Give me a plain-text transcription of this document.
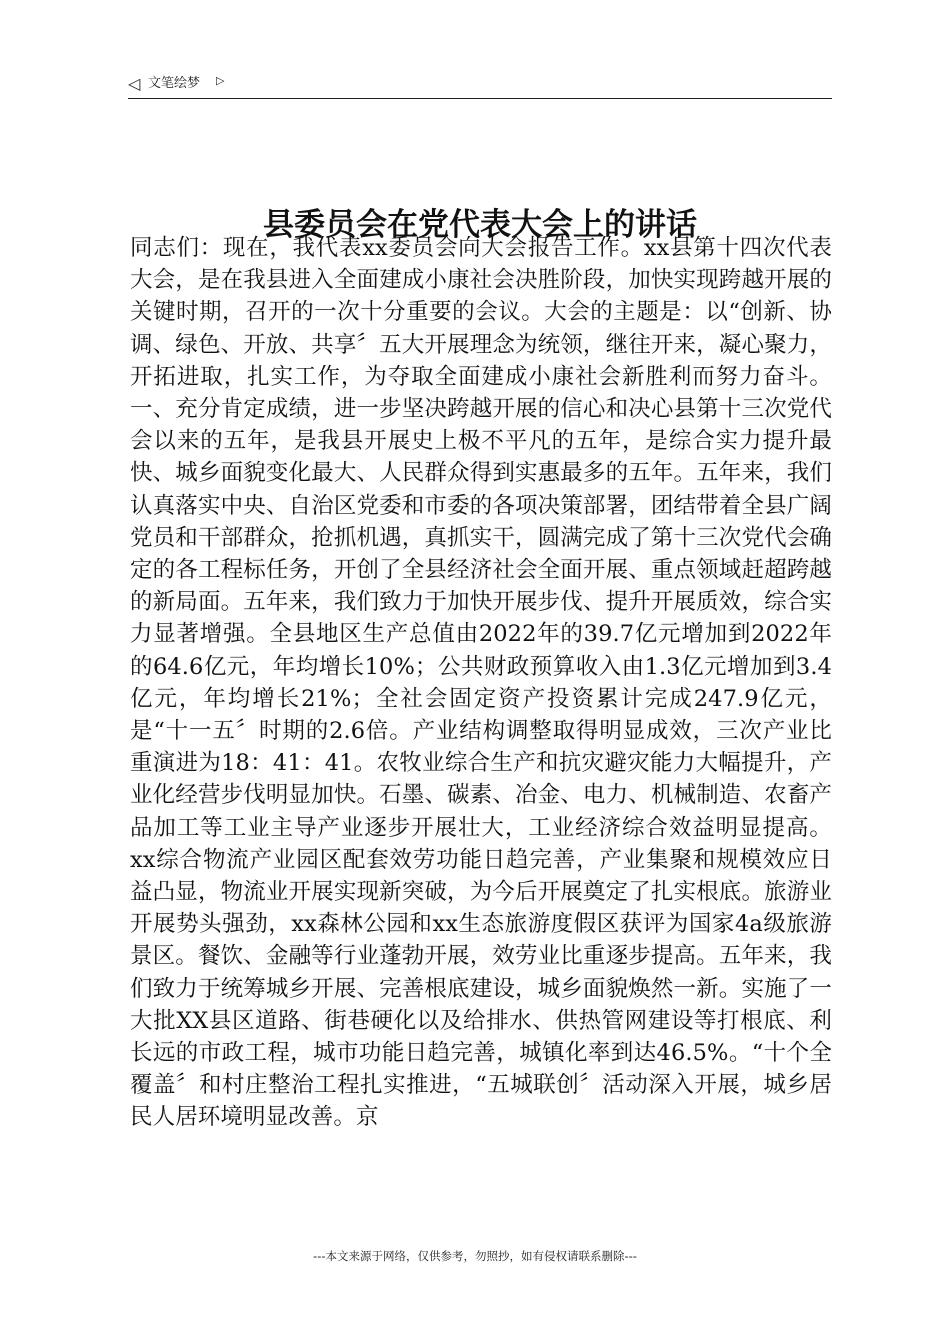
◁ 文笔绘梦 ▷
县委员会在党代表大会上的讲话

同志们：现在，我代表xx委员会向大会报告工作。xx县第十四次代表大会，是在我县进入全面建成小康社会决胜阶段，加快实现跨越开展的关键时期，召开的一次十分重要的会议。大会的主题是：以“创新、协调、绿色、开放、共享〞五大开展理念为统领，继往开来，凝心聚力，开拓进取，扎实工作，为夺取全面建成小康社会新胜利而努力奋斗。一、充分肯定成绩，进一步坚决跨越开展的信心和决心县第十三次党代会以来的五年，是我县开展史上极不平凡的五年，是综合实力提升最快、城乡面貌变化最大、人民群众得到实惠最多的五年。五年来，我们认真落实中央、自治区党委和市委的各项决策部署，团结带着全县广阔党员和干部群众，抢抓机遇，真抓实干，圆满完成了第十三次党代会确定的各工程标任务，开创了全县经济社会全面开展、重点领域赶超跨越的新局面。五年来，我们致力于加快开展步伐、提升开展质效，综合实力显著增强。全县地区生产总值由2022年的39.7亿元增加到2022年的64.6亿元，年均增长10%；公共财政预算收入由1.3亿元增加到3.4亿元，年均增长21%；全社会固定资产投资累计完成247.9亿元，是“十一五〞时期的2.6倍。产业结构调整取得明显成效，三次产业比重演进为18：41：41。农牧业综合生产和抗灾避灾能力大幅提升，产业化经营步伐明显加快。石墨、碳素、冶金、电力、机械制造、农畜产品加工等工业主导产业逐步开展壮大，工业经济综合效益明显提高。xx综合物流产业园区配套效劳功能日趋完善，产业集聚和规模效应日益凸显，物流业开展实现新突破，为今后开展奠定了扎实根底。旅游业开展势头强劲，xx森林公园和xx生态旅游度假区获评为国家4a级旅游景区。餐饮、金融等行业蓬勃开展，效劳业比重逐步提高。五年来，我们致力于统筹城乡开展、完善根底建设，城乡面貌焕然一新。实施了一大批XX县区道路、街巷硬化以及给排水、供热管网建设等打根底、利长远的市政工程，城市功能日趋完善，城镇化率到达46.5%。“十个全覆盖〞和村庄整治工程扎实推进，“五城联创〞活动深入开展，城乡居民人居环境明显改善。京

---本文来源于网络，仅供参考，勿照抄，如有侵权请联系删除---
